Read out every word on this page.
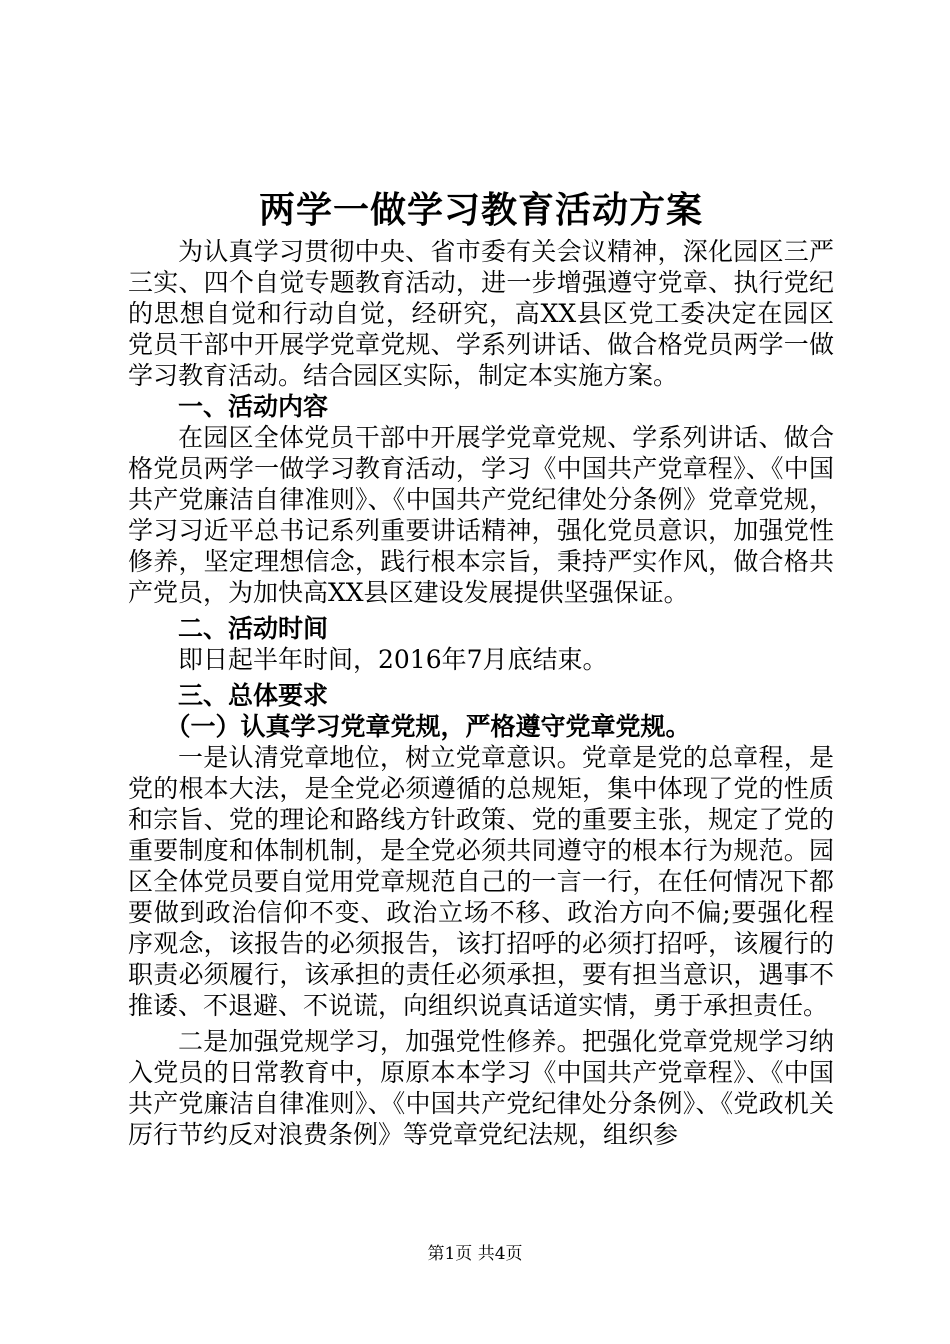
两学一做学习教育活动方案

为认真学习贯彻中央、省市委有关会议精神，深化园区三严三实、四个自觉专题教育活动，进一步增强遵守党章、执行党纪的思想自觉和行动自觉，经研究，高XX县区党工委决定在园区党员干部中开展学党章党规、学系列讲话、做合格党员两学一做学习教育活动。结合园区实际，制定本实施方案。

一、活动内容

在园区全体党员干部中开展学党章党规、学系列讲话、做合格党员两学一做学习教育活动，学习《中国共产党章程》、《中国共产党廉洁自律准则》、《中国共产党纪律处分条例》党章党规，学习习近平总书记系列重要讲话精神，强化党员意识，加强党性修养，坚定理想信念，践行根本宗旨，秉持严实作风，做合格共产党员，为加快高XX县区建设发展提供坚强保证。

二、活动时间

即日起半年时间，2016年7月底结束。

三、总体要求

（一）认真学习党章党规，严格遵守党章党规。

一是认清党章地位，树立党章意识。党章是党的总章程，是党的根本大法，是全党必须遵循的总规矩，集中体现了党的性质和宗旨、党的理论和路线方针政策、党的重要主张，规定了党的重要制度和体制机制，是全党必须共同遵守的根本行为规范。园区全体党员要自觉用党章规范自己的一言一行，在任何情况下都要做到政治信仰不变、政治立场不移、政治方向不偏;要强化程序观念，该报告的必须报告，该打招呼的必须打招呼，该履行的职责必须履行，该承担的责任必须承担，要有担当意识，遇事不推诿、不退避、不说谎，向组织说真话道实情，勇于承担责任。

二是加强党规学习，加强党性修养。把强化党章党规学习纳入党员的日常教育中，原原本本学习《中国共产党章程》、《中国共产党廉洁自律准则》、《中国共产党纪律处分条例》、《党政机关厉行节约反对浪费条例》等党章党纪法规，组织参

第1页 共4页
